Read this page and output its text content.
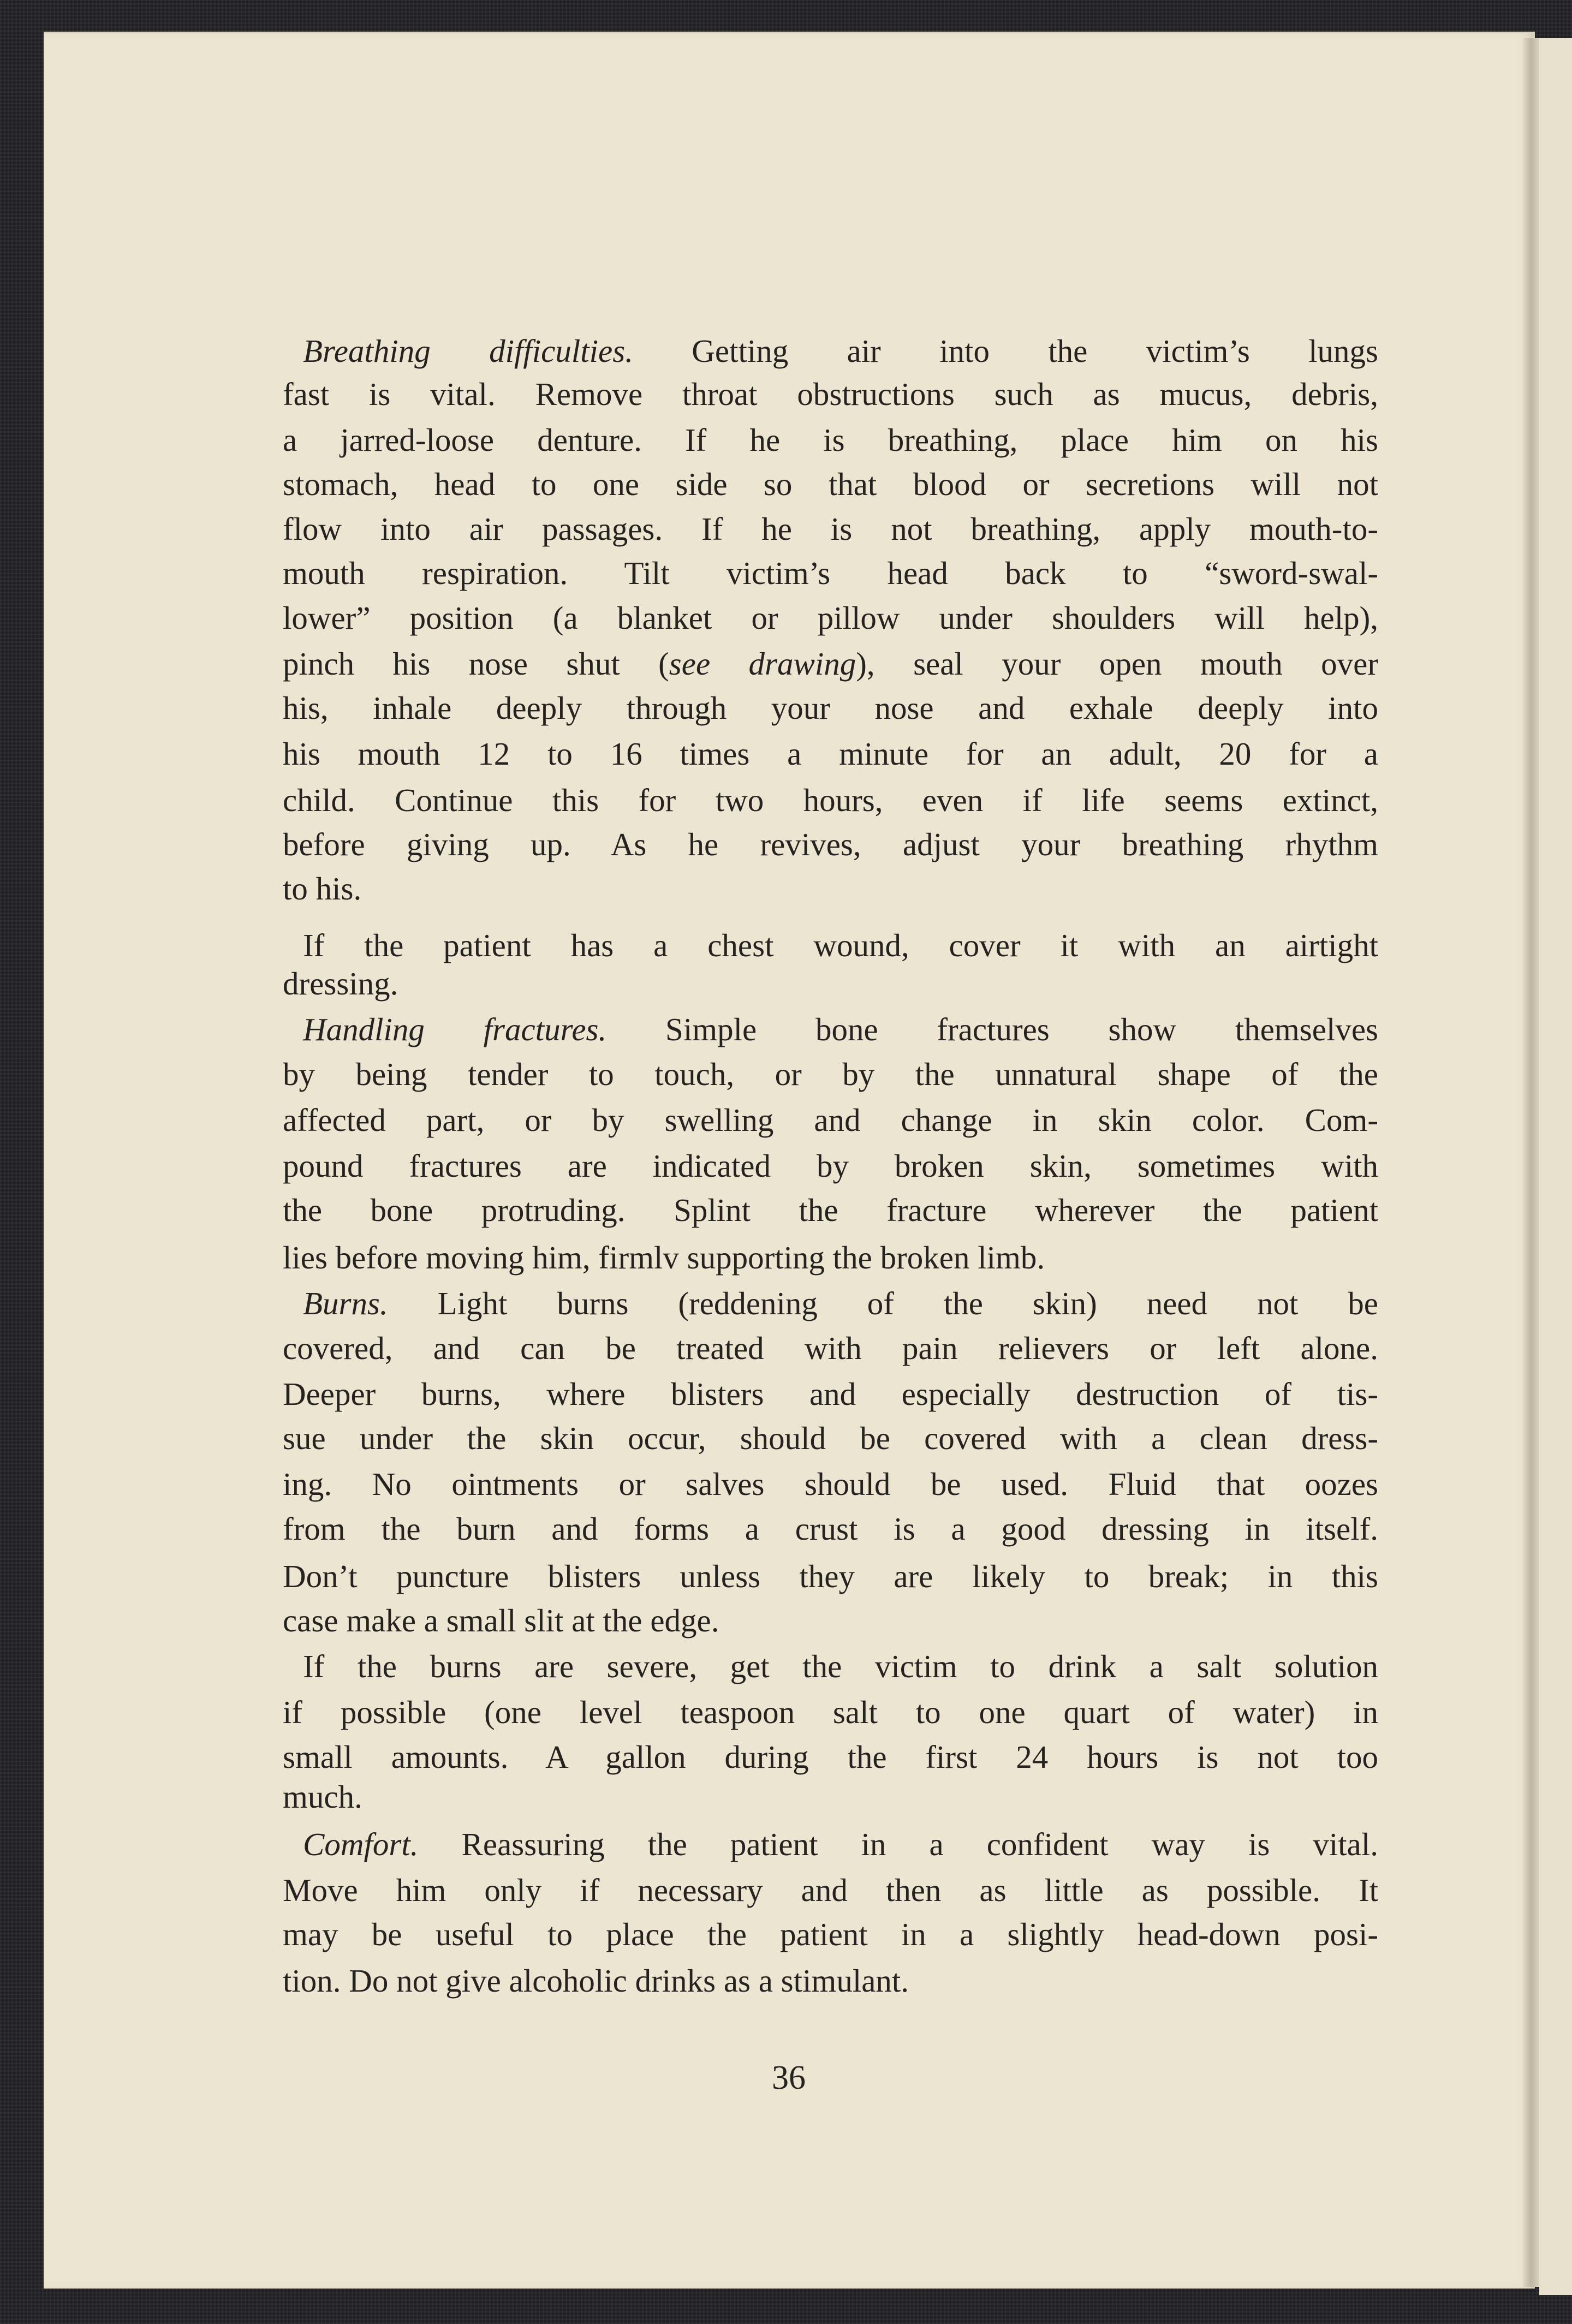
Breathing difficulties. Getting air into the victim’s lungs
fast is vital. Remove throat obstructions such as mucus, debris,
a jarred-loose denture. If he is breathing, place him on his
stomach, head to one side so that blood or secretions will not
flow into air passages. If he is not breathing, apply mouth-to-
mouth respiration. Tilt victim’s head back to “sword-swal-
lower” position (a blanket or pillow under shoulders will help),
pinch his nose shut (see drawing), seal your open mouth over
his, inhale deeply through your nose and exhale deeply into
his mouth 12 to 16 times a minute for an adult, 20 for a
child. Continue this for two hours, even if life seems extinct,
before giving up. As he revives, adjust your breathing rhythm
to his.
If the patient has a chest wound, cover it with an airtight
dressing.
Handling fractures. Simple bone fractures show themselves
by being tender to touch, or by the unnatural shape of the
affected part, or by swelling and change in skin color. Com-
pound fractures are indicated by broken skin, sometimes with
the bone protruding. Splint the fracture wherever the patient
lies before moving him, firmlv supporting the broken limb.
Burns. Light burns (reddening of the skin) need not be
covered, and can be treated with pain relievers or left alone.
Deeper burns, where blisters and especially destruction of tis-
sue under the skin occur, should be covered with a clean dress-
ing. No ointments or salves should be used. Fluid that oozes
from the burn and forms a crust is a good dressing in itself.
Don’t puncture blisters unless they are likely to break; in this
case make a small slit at the edge.
If the burns are severe, get the victim to drink a salt solution
if possible (one level teaspoon salt to one quart of water) in
small amounts. A gallon during the first 24 hours is not too
much.
Comfort. Reassuring the patient in a confident way is vital.
Move him only if necessary and then as little as possible. It
may be useful to place the patient in a slightly head-down posi-
tion. Do not give alcoholic drinks as a stimulant.
36
